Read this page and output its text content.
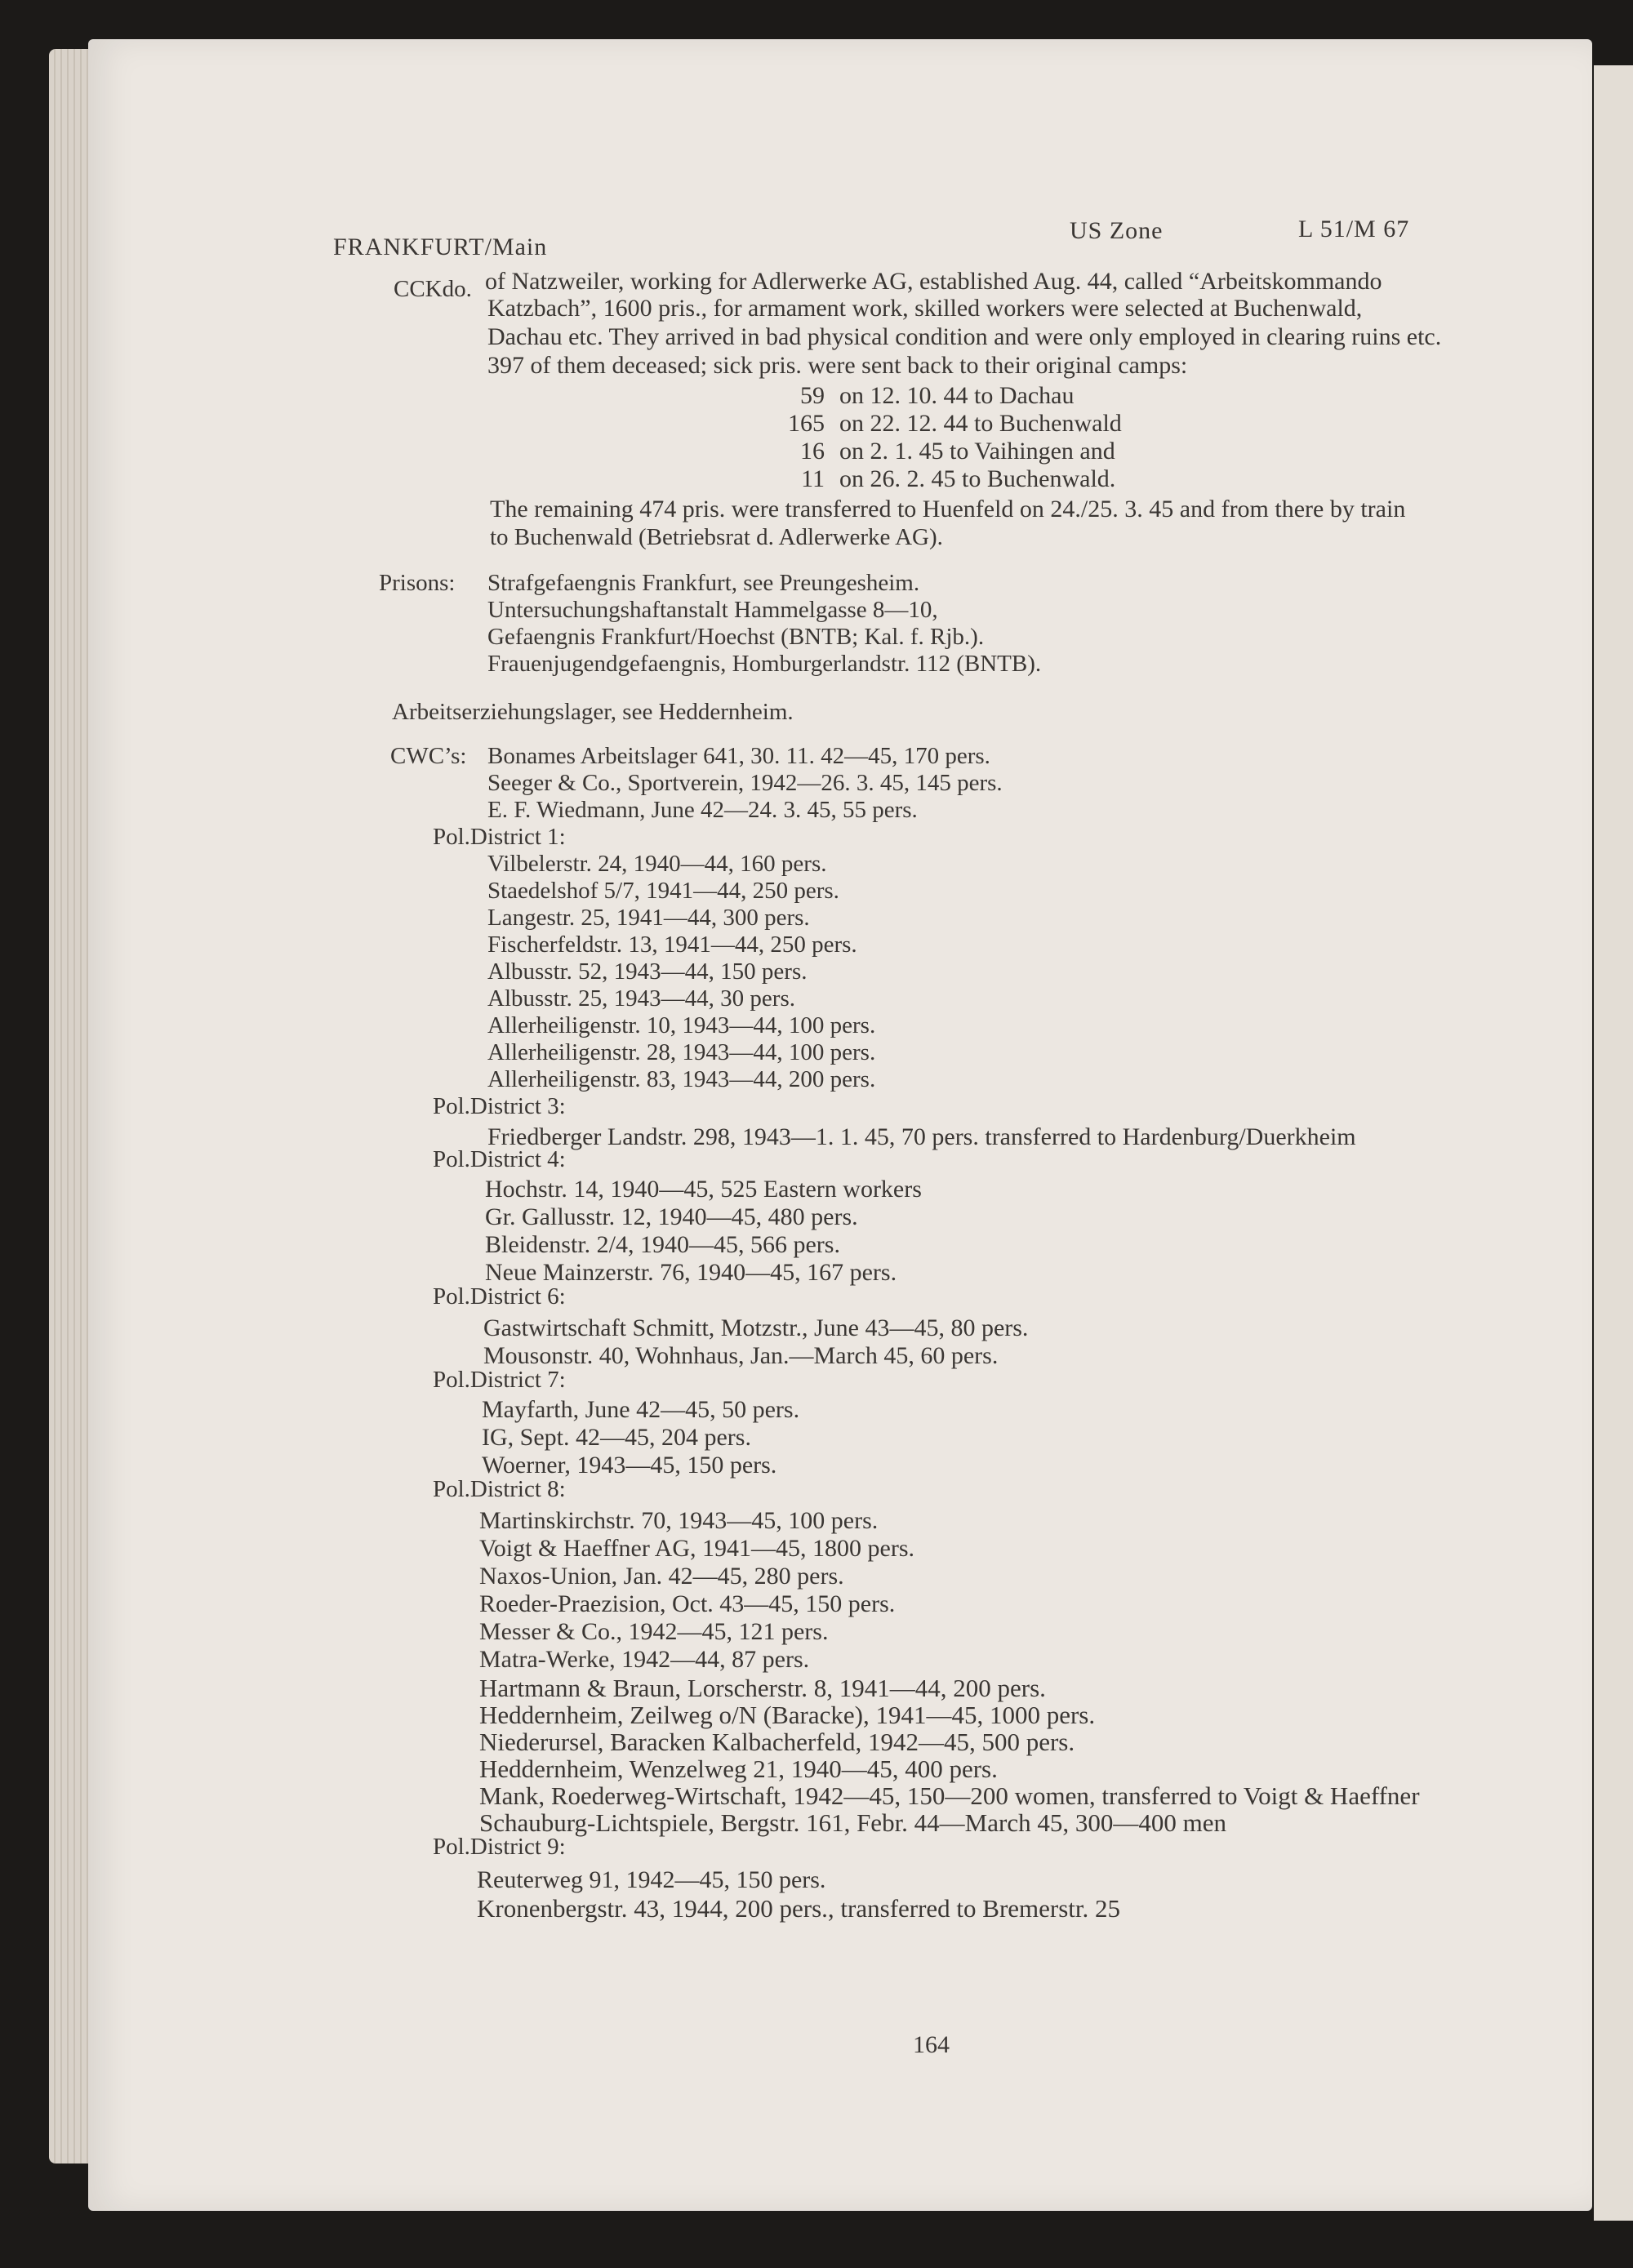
FRANKFURT/Main
US Zone	L 51/M 67
CCKdo. of Natzweiler, working for Adlerwerke AG, established Aug. 44, called “Arbeitskommando
Katzbach”, 1600 pris., for armament work, skilled workers were selected at Buchenwald,
Dachau etc. They arrived in bad physical condition and were only employed in clearing ruins etc.
397 of them deceased; sick pris. were sent back to their original camps:
59 on 12. 10. 44 to Dachau
165 on 22. 12. 44 to Buchenwald
16 on 2. 1. 45 to Vaihingen and
11 on 26. 2. 45 to Buchenwald.
The remaining 474 pris. were transferred to Huenfeld on 24./25. 3. 45 and from there by train
to Buchenwald (Betriebsrat d. Adlerwerke AG).
Prisons: Strafgefaengnis Frankfurt, see Preungesheim.
Untersuchungshaftanstalt Hammelgasse 8—10,
Gefaengnis Frankfurt/Hoechst (BNTB; Kal. f. Rjb.).
Frauenjugendgefaengnis, Homburgerlandstr. 112 (BNTB).
Arbeitserziehungslager, see Heddernheim.
CWC’s: Bonames Arbeitslager 641, 30. 11. 42—45, 170 pers.
Seeger & Co., Sportverein, 1942—26. 3. 45, 145 pers.
E. F. Wiedmann, June 42—24. 3. 45, 55 pers.
Pol.District 1:
Vilbelerstr. 24, 1940—44, 160 pers.
Staedelshof 5/7, 1941—44, 250 pers.
Langestr. 25, 1941—44, 300 pers.
Fischerfeldstr. 13, 1941—44, 250 pers.
Albusstr. 52, 1943—44, 150 pers.
Albusstr. 25, 1943—44, 30 pers.
Allerheiligenstr. 10, 1943—44, 100 pers.
Allerheiligenstr. 28, 1943—44, 100 pers.
Allerheiligenstr. 83, 1943—44, 200 pers.
Pol.District 3:
Friedberger Landstr. 298, 1943—1. 1. 45, 70 pers. transferred to Hardenburg/Duerkheim
Pol.District 4:
Hochstr. 14, 1940—45, 525 Eastern workers
Gr. Gallusstr. 12, 1940—45, 480 pers.
Bleidenstr. 2/4, 1940—45, 566 pers.
Neue Mainzerstr. 76, 1940—45, 167 pers.
Pol.District 6:
Gastwirtschaft Schmitt, Motzstr., June 43—45, 80 pers.
Mousonstr. 40, Wohnhaus, Jan.—March 45, 60 pers.
Pol.District 7:
Mayfarth, June 42—45, 50 pers.
IG, Sept. 42—45, 204 pers.
Woerner, 1943—45, 150 pers.
Pol.District 8:
Martinskirchstr. 70, 1943—45, 100 pers.
Voigt & Haeffner AG, 1941—45, 1800 pers.
Naxos-Union, Jan. 42—45, 280 pers.
Roeder-Praezision, Oct. 43—45, 150 pers.
Messer & Co., 1942—45, 121 pers.
Matra-Werke, 1942—44, 87 pers.
Hartmann & Braun, Lorscherstr. 8, 1941—44, 200 pers.
Heddernheim, Zeilweg o/N (Baracke), 1941—45, 1000 pers.
Niederursel, Baracken Kalbacherfeld, 1942—45, 500 pers.
Heddernheim, Wenzelweg 21, 1940—45, 400 pers.
Mank, Roederweg-Wirtschaft, 1942—45, 150—200 women, transferred to Voigt & Haeffner
Schauburg-Lichtspiele, Bergstr. 161, Febr. 44—March 45, 300—400 men
Pol.District 9:
Reuterweg 91, 1942—45, 150 pers.
Kronenbergstr. 43, 1944, 200 pers., transferred to Bremerstr. 25
164
